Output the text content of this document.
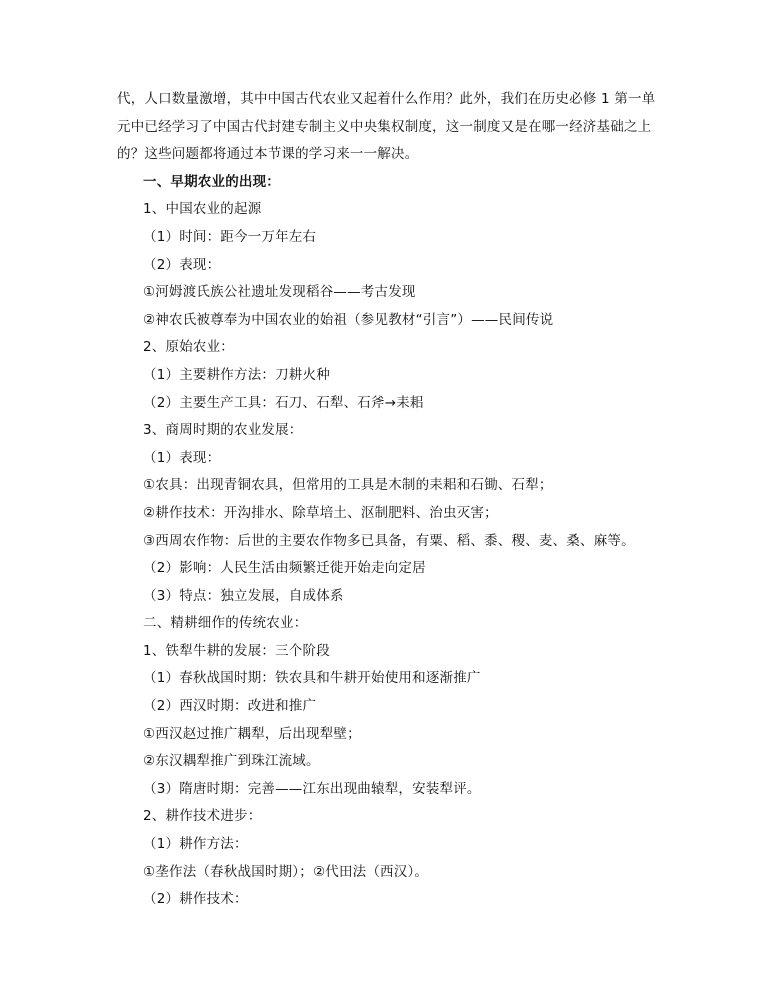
代，人口数量激增，其中中国古代农业又起着什么作用？此外，我们在历史必修 1 第一单
元中已经学习了中国古代封建专制主义中央集权制度，这一制度又是在哪一经济基础之上
的？这些问题都将通过本节课的学习来一一解决。
一、早期农业的出现：
1、中国农业的起源
（1）时间：距今一万年左右
（2）表现：
①河姆渡氏族公社遗址发现稻谷——考古发现
②神农氏被尊奉为中国农业的始祖（参见教材“引言”）——民间传说
2、原始农业：
（1）主要耕作方法：刀耕火种
（2）主要生产工具：石刀、石犁、石斧→耒耜
3、商周时期的农业发展：
（1）表现：
①农具：出现青铜农具，但常用的工具是木制的耒耜和石锄、石犁；
②耕作技术：开沟排水、除草培土、沤制肥料、治虫灭害；
③西周农作物：后世的主要农作物多已具备，有粟、稻、黍、稷、麦、桑、麻等。
（2）影响：人民生活由频繁迁徙开始走向定居
（3）特点：独立发展，自成体系
二、精耕细作的传统农业：
1、铁犁牛耕的发展：三个阶段
（1）春秋战国时期：铁农具和牛耕开始使用和逐渐推广
（2）西汉时期：改进和推广
①西汉赵过推广耦犁，后出现犁壁；
②东汉耦犁推广到珠江流域。
（3）隋唐时期：完善——江东出现曲辕犁，安装犁评。
2、耕作技术进步：
（1）耕作方法：
①垄作法（春秋战国时期）；②代田法（西汉）。
（2）耕作技术：
